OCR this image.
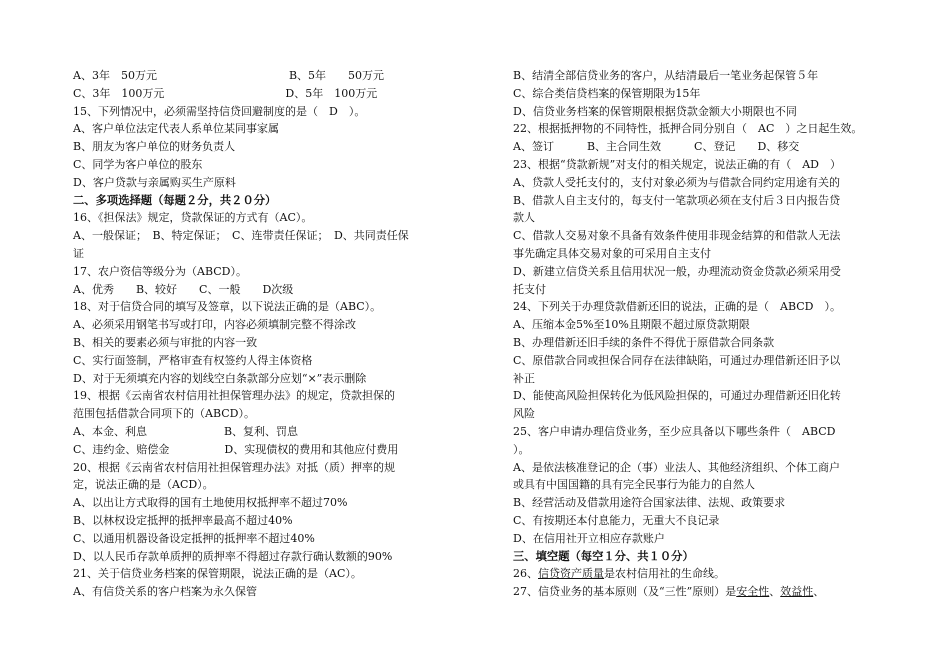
A、3年　50万元　　　　　　　　　　　　B、5年　　50万元
C、3年　100万元　　　　　　　　　　　D、5年　100万元
15、下列情况中，必须需坚持信贷回避制度的是（　D　）。
A、客户单位法定代表人系单位某同事家属
B、朋友为客户单位的财务负责人
C、同学为客户单位的股东
D、客户贷款与亲属购买生产原料
二、多项选择题（每题２分，共２０分）
16、《担保法》规定，贷款保证的方式有（AC）。
A、一般保证；　B、特定保证；　C、连带责任保证；　D、共同责任保
证
17、农户资信等级分为（ABCD）。
A、优秀　　B、较好　　C、一般　　D次级
18、对于信贷合同的填写及签章，以下说法正确的是（ABC）。
A、必须采用钢笔书写或打印，内容必须填制完整不得涂改
B、相关的要素必须与审批的内容一致
C、实行面签制，严格审查有权签约人得主体资格
D、对于无须填充内容的划线空白条款部分应划“×”表示删除
19、根据《云南省农村信用社担保管理办法》的规定，贷款担保的
范围包括借款合同项下的（ABCD）。
A、本金、利息　　　　　　　B、复利、罚息
C、违约金、赔偿金　　　　　D、实现债权的费用和其他应付费用
20、根据《云南省农村信用社担保管理办法》对抵（质）押率的规
定，说法正确的是（ACD）。
A、以出让方式取得的国有土地使用权抵押率不超过70%
B、以林权设定抵押的抵押率最高不超过40%
C、以通用机器设备设定抵押的抵押率不超过40%
D、以人民币存款单质押的质押率不得超过存款行确认数额的90%
21、关于信贷业务档案的保管期限，说法正确的是（AC）。
A、有信贷关系的客户档案为永久保管
B、结清全部信贷业务的客户，从结清最后一笔业务起保管５年
C、综合类信贷档案的保管期限为15年
D、信贷业务档案的保管期限根据贷款金额大小期限也不同
22、根据抵押物的不同特性，抵押合同分别自（　AC　）之日起生效。
A、签订　　　B、主合同生效　　　C、登记　　D、移交
23、根据“贷款新规”对支付的相关规定，说法正确的有（　AD　）
A、贷款人受托支付的，支付对象必须为与借款合同约定用途有关的
B、借款人自主支付的，每支付一笔款项必须在支付后３日内报告贷
款人
C、借款人交易对象不具备有效条件使用非现金结算的和借款人无法
事先确定具体交易对象的可采用自主支付
D、新建立信贷关系且信用状况一般，办理流动资金贷款必须采用受
托支付
24、下列关于办理贷款借新还旧的说法，正确的是（　ABCD　）。
A、压缩本金5%至10%且期限不超过原贷款期限
B、办理借新还旧手续的条件不得优于原借款合同条款
C、原借款合同或担保合同存在法律缺陷，可通过办理借新还旧予以
补正
D、能使高风险担保转化为低风险担保的，可通过办理借新还旧化转
风险
25、客户申请办理信贷业务，至少应具备以下哪些条件（　ABCD
）。
A、是依法核准登记的企（事）业法人、其他经济组织、个体工商户
或具有中国国籍的具有完全民事行为能力的自然人
B、经营活动及借款用途符合国家法律、法规、政策要求
C、有按期还本付息能力，无重大不良记录
D、在信用社开立相应存款账户
三、填空题（每空１分、共１０分）
26、信贷资产质量是农村信用社的生命线。
27、信贷业务的基本原则（及“三性”原则）是安全性、效益性、
